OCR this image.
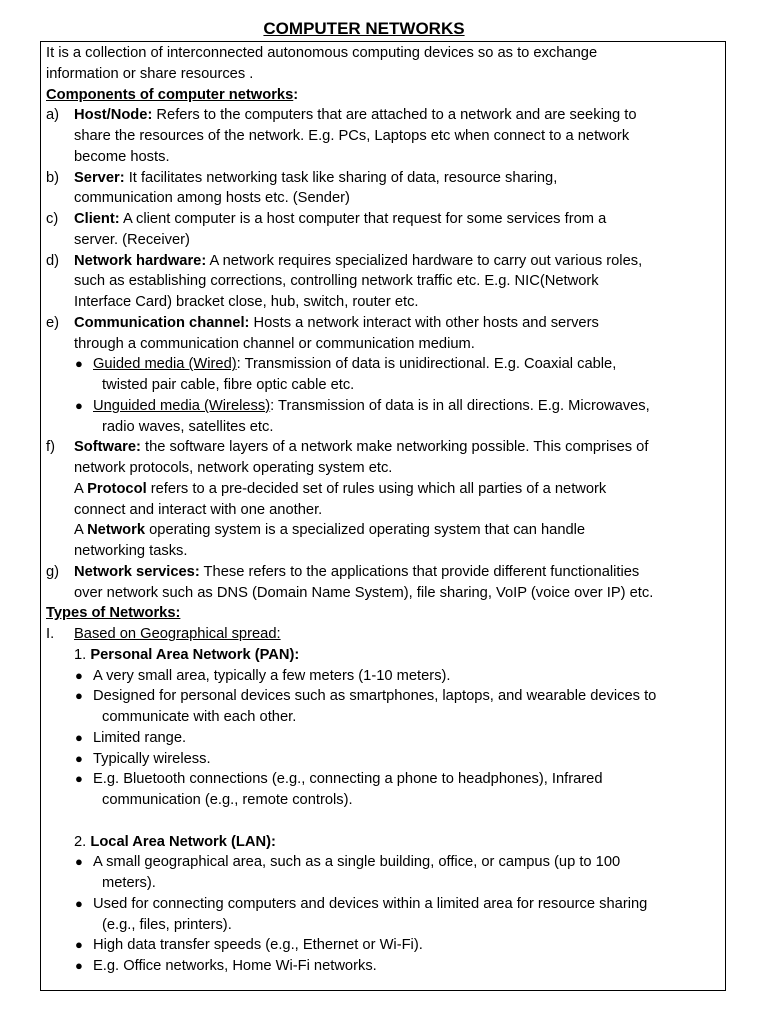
COMPUTER NETWORKS
It is a collection of interconnected autonomous computing devices so as to exchange
information or share resources .
Components of computer networks:
a) Host/Node: Refers to the computers that are attached to a network and are seeking to
share the resources of the network. E.g. PCs, Laptops etc when connect to a network
become hosts.
b) Server: It facilitates networking task like sharing of data, resource sharing,
communication among hosts etc. (Sender)
c) Client: A client computer is a host computer that request for some services from a
server. (Receiver)
d) Network hardware: A network requires specialized hardware to carry out various roles,
such as establishing corrections, controlling network traffic etc. E.g. NIC(Network
Interface Card) bracket close, hub, switch, router etc.
e) Communication channel: Hosts a network interact with other hosts and servers
through a communication channel or communication medium.
● Guided media (Wired): Transmission of data is unidirectional. E.g. Coaxial cable,
twisted pair cable, fibre optic cable etc.
● Unguided media (Wireless): Transmission of data is in all directions. E.g. Microwaves,
radio waves, satellites etc.
f) Software: the software layers of a network make networking possible. This comprises of
network protocols, network operating system etc.
A Protocol refers to a pre-decided set of rules using which all parties of a network
connect and interact with one another.
A Network operating system is a specialized operating system that can handle
networking tasks.
g) Network services: These refers to the applications that provide different functionalities
over network such as DNS (Domain Name System), file sharing, VoIP (voice over IP) etc.
Types of Networks:
I. Based on Geographical spread:
1. Personal Area Network (PAN):
● A very small area, typically a few meters (1-10 meters).
● Designed for personal devices such as smartphones, laptops, and wearable devices to
communicate with each other.
● Limited range.
● Typically wireless.
● E.g. Bluetooth connections (e.g., connecting a phone to headphones), Infrared
communication (e.g., remote controls).
2. Local Area Network (LAN):
● A small geographical area, such as a single building, office, or campus (up to 100
meters).
● Used for connecting computers and devices within a limited area for resource sharing
(e.g., files, printers).
● High data transfer speeds (e.g., Ethernet or Wi-Fi).
● E.g. Office networks, Home Wi-Fi networks.
